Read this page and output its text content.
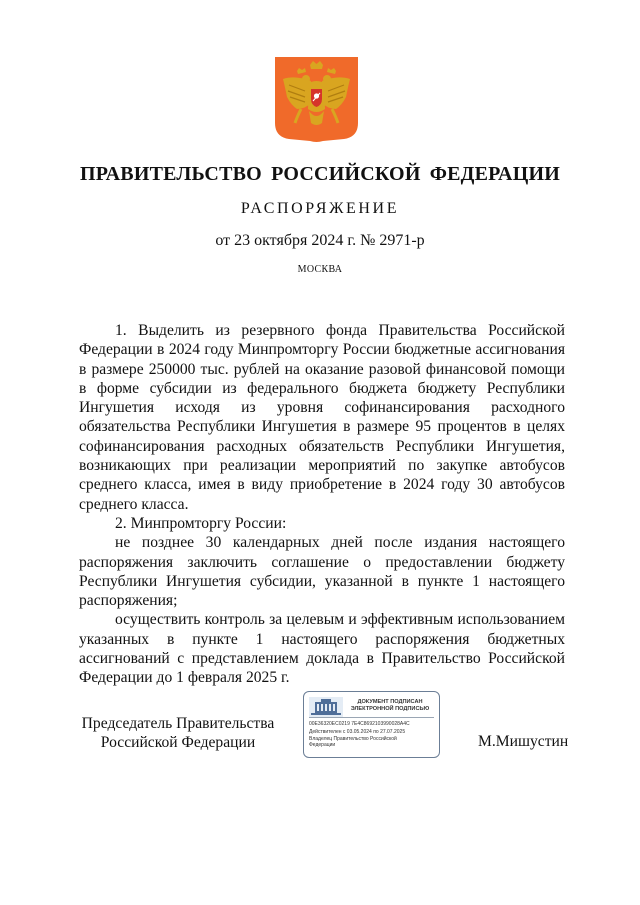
ПРАВИТЕЛЬСТВО РОССИЙСКОЙ ФЕДЕРАЦИИ
РАСПОРЯЖЕНИЕ
от 23 октября 2024 г. № 2971-р
МОСКВА

1. Выделить из резервного фонда Правительства Российской Федерации в 2024 году Минпромторгу России бюджетные ассигнования в размере 250000 тыс. рублей на оказание разовой финансовой помощи в форме субсидии из федерального бюджета бюджету Республики Ингушетия исходя из уровня софинансирования расходного обязательства Республики Ингушетия в размере 95 процентов в целях софинансирования расходных обязательств Республики Ингушетия, возникающих при реализации мероприятий по закупке автобусов среднего класса, имея в виду приобретение в 2024 году 30 автобусов среднего класса.

2. Минпромторгу России:

не позднее 30 календарных дней после издания настоящего распоряжения заключить соглашение о предоставлении бюджету Республики Ингушетия субсидии, указанной в пункте 1 настоящего распоряжения;

осуществить контроль за целевым и эффективным использованием указанных в пункте 1 настоящего распоряжения бюджетных ассигнований с представлением доклада в Правительство Российской Федерации до 1 февраля 2025 г.

Председатель Правительства
Российской Федерации
ДОКУМЕНТ ПОДПИСАН
ЭЛЕКТРОННОЙ ПОДПИСЬЮ
00E36320EC0219 7E4C8692103990028A4C
Действителен с 03.05.2024 по 27.07.2025
Владелец Правительство Российской
Федерации	М.Мишустин
